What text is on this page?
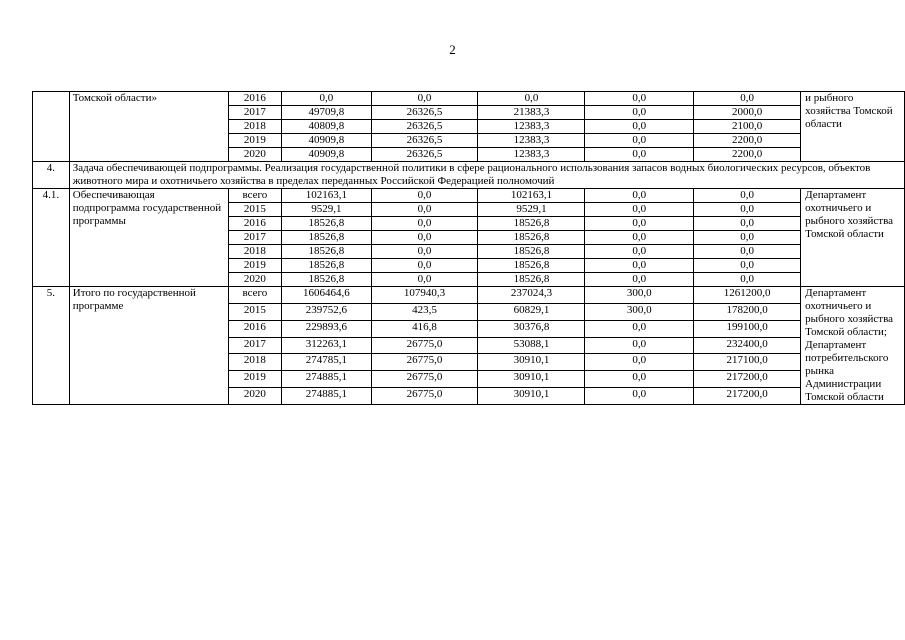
2
	Томской области»	2016	0,0	0,0	0,0	0,0	0,0	и рыбного хозяйства Томской области
		2017	49709,8	26326,5	21383,3	0,0	2000,0	
		2018	40809,8	26326,5	12383,3	0,0	2100,0	
		2019	40909,8	26326,5	12383,3	0,0	2200,0	
		2020	40909,8	26326,5	12383,3	0,0	2200,0	
4.	Задача обеспечивающей подпрограммы. Реализация государственной политики в сфере рационального использования запасов водных биологических ресурсов, объектов животного мира и охотничьего хозяйства в пределах переданных Российской Федерацией полномочий							
4.1.	Обеспечивающая подпрограмма государственной программы	всего	102163,1	0,0	102163,1	0,0	0,0	Департамент охотничьего и рыбного хозяйства Томской области
		2015	9529,1	0,0	9529,1	0,0	0,0	
		2016	18526,8	0,0	18526,8	0,0	0,0	
		2017	18526,8	0,0	18526,8	0,0	0,0	
		2018	18526,8	0,0	18526,8	0,0	0,0	
		2019	18526,8	0,0	18526,8	0,0	0,0	
		2020	18526,8	0,0	18526,8	0,0	0,0	
5.	Итого по государственной программе	всего	1606464,6	107940,3	237024,3	300,0	1261200,0	Департамент охотничьего и рыбного хозяйства Томской области; Департамент потребительского рынка Администрации Томской области
		2015	239752,6	423,5	60829,1	300,0	178200,0	
		2016	229893,6	416,8	30376,8	0,0	199100,0	
		2017	312263,1	26775,0	53088,1	0,0	232400,0	
		2018	274785,1	26775,0	30910,1	0,0	217100,0	
		2019	274885,1	26775,0	30910,1	0,0	217200,0	
		2020	274885,1	26775,0	30910,1	0,0	217200,0	
